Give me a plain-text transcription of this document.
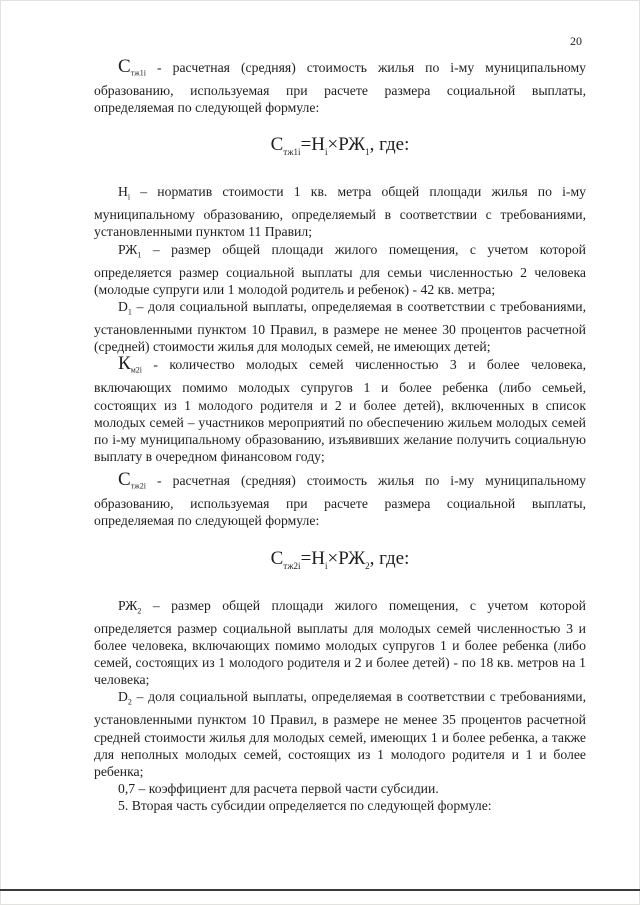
20

$С_{тж1i}$ - расчетная (средняя) стоимость жилья по i-му муниципальному образованию, используемая при расчете размера социальной выплаты, определяемая по следующей формуле:

$С_{тж1i}=Н_i\times РЖ_1$, где:

$Н_i$ – норматив стоимости 1 кв. метра общей площади жилья по i-му муниципальному образованию, определяемый в соответствии с требованиями, установленными пунктом 11 Правил;

$РЖ_1$ – размер общей площади жилого помещения, с учетом которой определяется размер социальной выплаты для семьи численностью 2 человека (молодые супруги или 1 молодой родитель и ребенок) - 42 кв. метра;

$D_1$ – доля социальной выплаты, определяемая в соответствии с требованиями, установленными пунктом 10 Правил, в размере не менее 30 процентов расчетной (средней) стоимости жилья для молодых семей, не имеющих детей;

$К_{м2i}$ - количество молодых семей численностью 3 и более человека, включающих помимо молодых супругов 1 и более ребенка (либо семьей, состоящих из 1 молодого родителя и 2 и более детей), включенных в список молодых семей – участников мероприятий по обеспечению жильем молодых семей по i-му муниципальному образованию, изъявивших желание получить социальную выплату в очередном финансовом году;

$С_{тж2i}$ - расчетная (средняя) стоимость жилья по i-му муниципальному образованию, используемая при расчете размера социальной выплаты, определяемая по следующей формуле:

$С_{тж2i}=Н_i\times РЖ_2$, где:

$РЖ_2$ – размер общей площади жилого помещения, с учетом которой определяется размер социальной выплаты для молодых семей численностью 3 и более человека, включающих помимо молодых супругов 1 и более ребенка (либо семей, состоящих из 1 молодого родителя и 2 и более детей) - по 18 кв. метров на 1 человека;

$D_2$ – доля социальной выплаты, определяемая в соответствии с требованиями, установленными пунктом 10 Правил, в размере не менее 35 процентов расчетной средней стоимости жилья для молодых семей, имеющих 1 и более ребенка, а также для неполных молодых семей, состоящих из 1 молодого родителя и 1 и более ребенка;

0,7 – коэффициент для расчета первой части субсидии.

5. Вторая часть субсидии определяется по следующей формуле:
